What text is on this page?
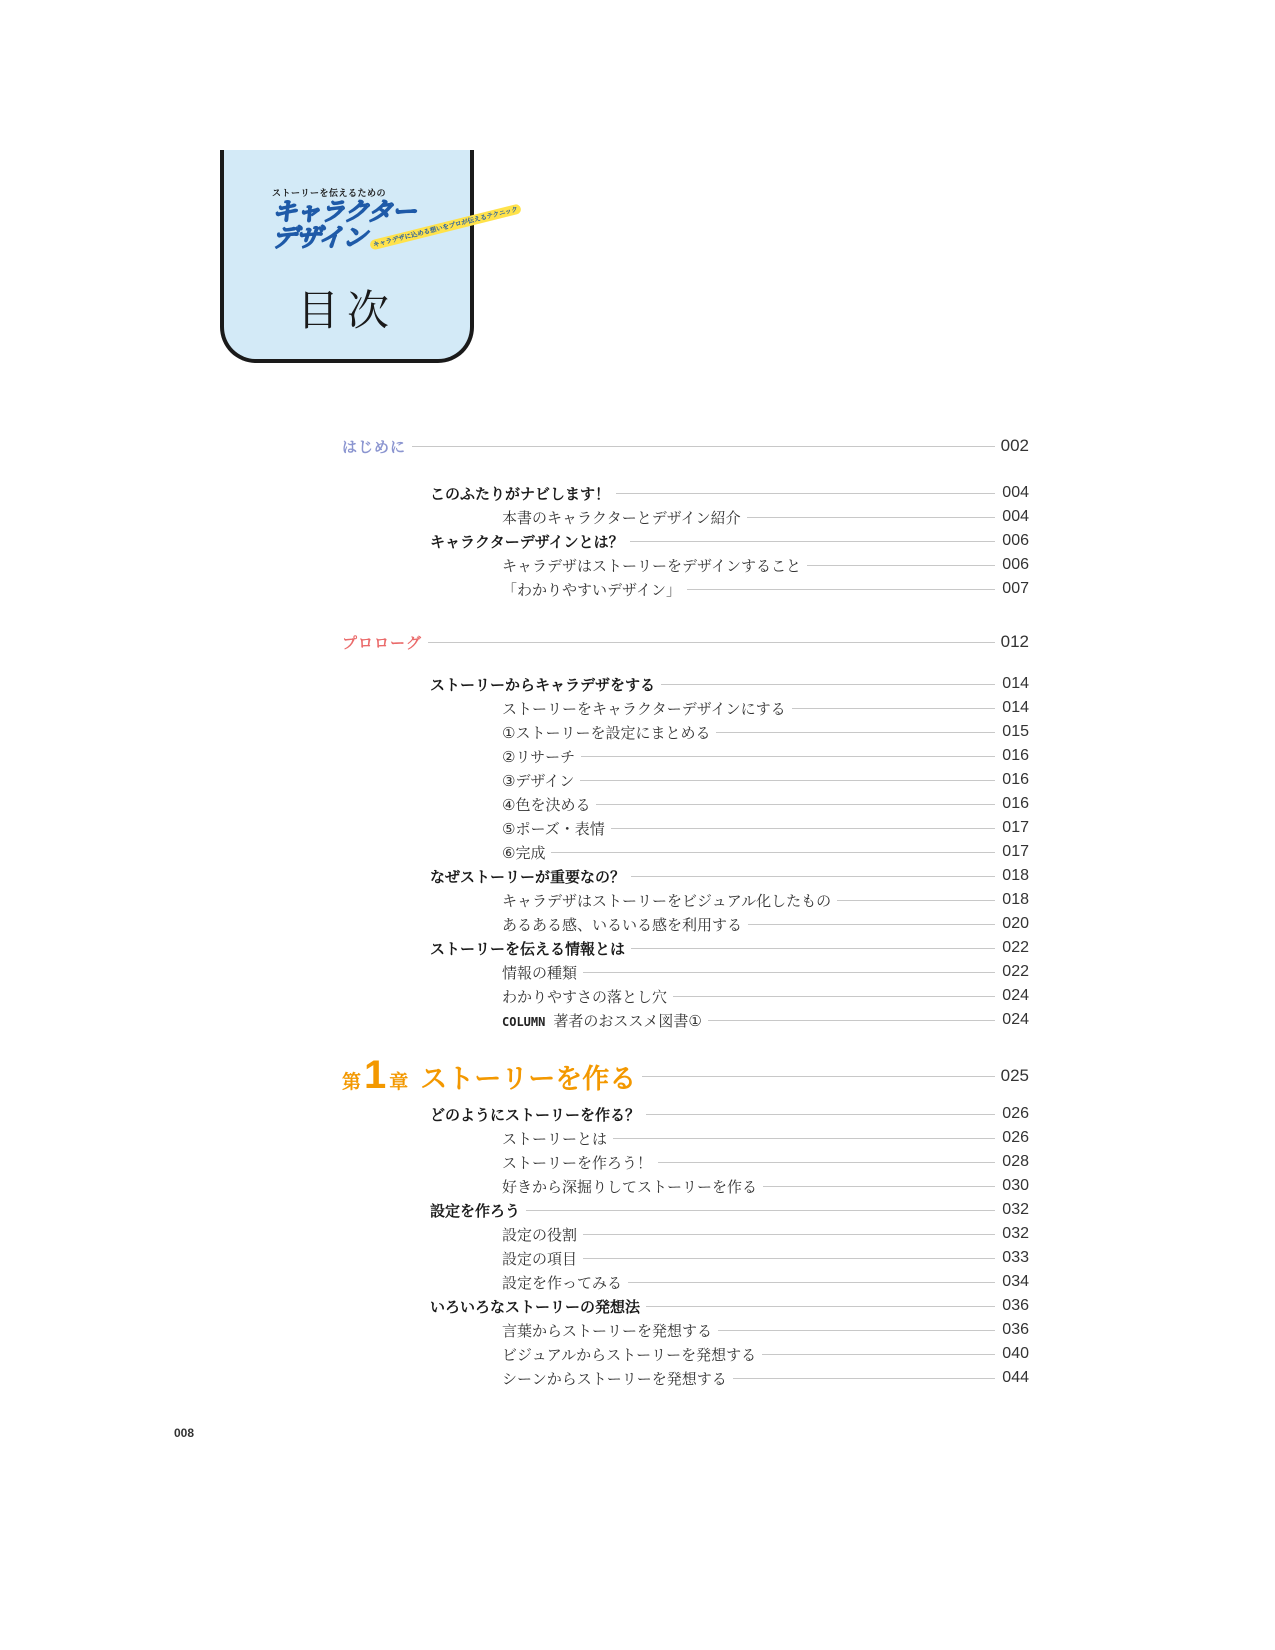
ストーリーを伝えるための
キャラクター
デザイン キャラデザに込める想いをプロが伝えるテクニック
目次
はじめに	002
このふたりがナビします！	004
本書のキャラクターとデザイン紹介	004
キャラクターデザインとは？	006
キャラデザはストーリーをデザインすること	006
「わかりやすいデザイン」	007
プロローグ	012
ストーリーからキャラデザをする	014
ストーリーをキャラクターデザインにする	014
①ストーリーを設定にまとめる	015
②リサーチ	016
③デザイン	016
④色を決める	016
⑤ポーズ・表情	017
⑥完成	017
なぜストーリーが重要なの？	018
キャラデザはストーリーをビジュアル化したもの	018
あるある感、いるいる感を利用する	020
ストーリーを伝える情報とは	022
情報の種類	022
わかりやすさの落とし穴	024
COLUMN 著者のおススメ図書①	024
第1 章 ストーリーを作る	025
どのようにストーリーを作る？	026
ストーリーとは	026
ストーリーを作ろう！	028
好きから深掘りしてストーリーを作る	030
設定を作ろう	032
設定の役割	032
設定の項目	033
設定を作ってみる	034
いろいろなストーリーの発想法	036
言葉からストーリーを発想する	036
ビジュアルからストーリーを発想する	040
シーンからストーリーを発想する	044
008
